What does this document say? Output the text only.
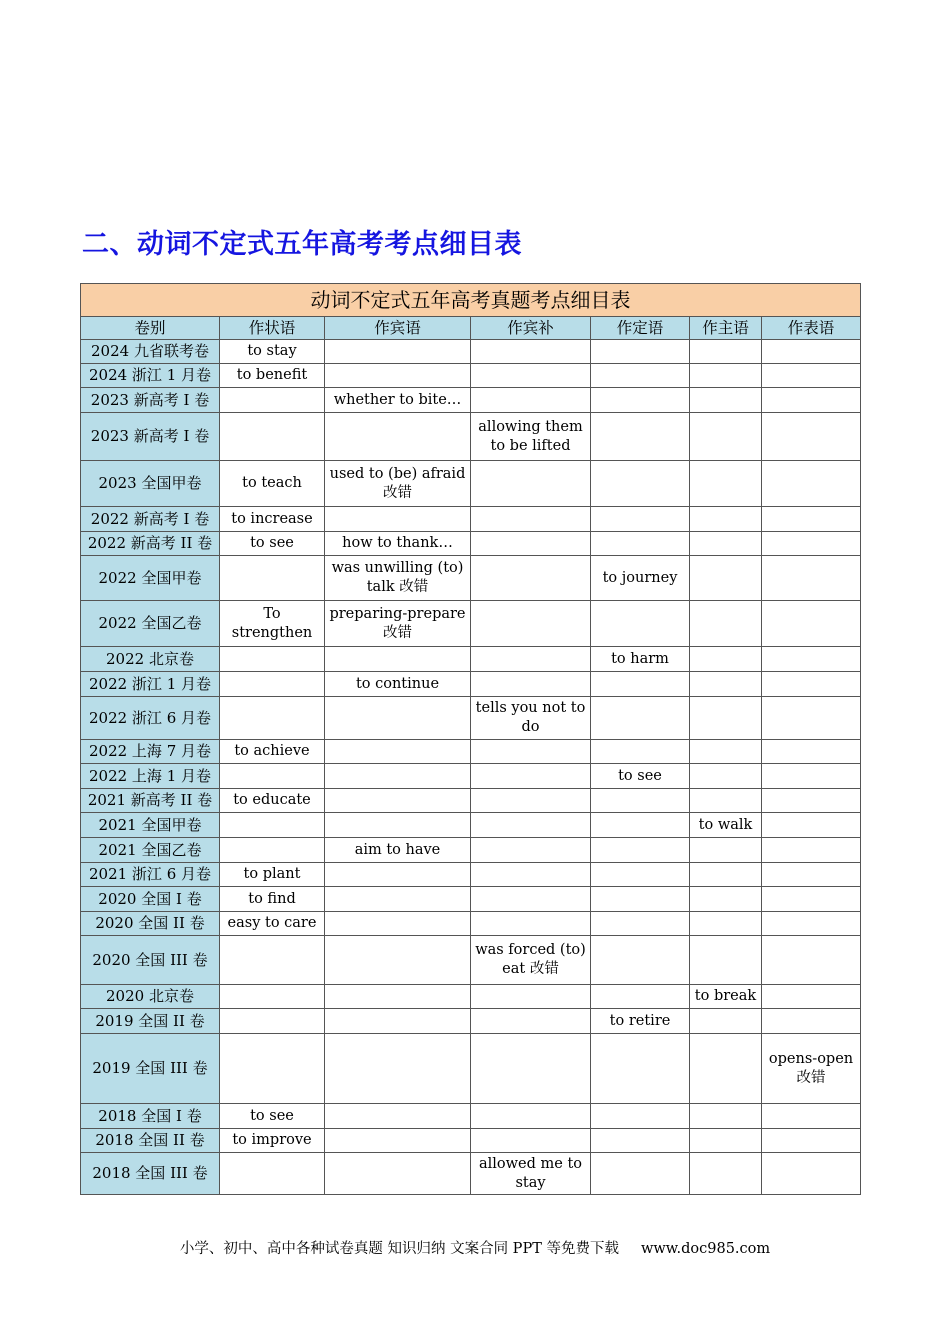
二、动词不定式五年高考考点细目表
动词不定式五年高考真题考点细目表						
卷别	作状语	作宾语	作宾补	作定语	作主语	作表语
2024 九省联考卷	to stay					
2024 浙江 1 月卷	to benefit					
2023 新高考 I 卷		whether to bite…				
2023 新高考 I 卷			allowing them to be lifted			
2023 全国甲卷	to teach	used to (be) afraid 改错				
2022 新高考 I 卷	to increase					
2022 新高考 II 卷	to see	how to thank…				
2022 全国甲卷		was unwilling (to) talk 改错		to journey		
2022 全国乙卷	To strengthen	preparing-prepare 改错				
2022 北京卷				to harm		
2022 浙江 1 月卷		to continue				
2022 浙江 6 月卷			tells you not to do			
2022 上海 7 月卷	to achieve					
2022 上海 1 月卷				to see		
2021 新高考 II 卷	to educate					
2021 全国甲卷					to walk	
2021 全国乙卷		aim to have				
2021 浙江 6 月卷	to plant					
2020 全国 I 卷	to find					
2020 全国 II 卷	easy to care					
2020 全国 III 卷			was forced (to) eat 改错			
2020 北京卷					to break	
2019 全国 II 卷				to retire		
2019 全国 III 卷						opens-open 改错
2018 全国 I 卷	to see					
2018 全国 II 卷	to improve					
2018 全国 III 卷			allowed me to stay			
小学、初中、高中各种试卷真题 知识归纳 文案合同 PPT 等免费下载 www.doc985.com
